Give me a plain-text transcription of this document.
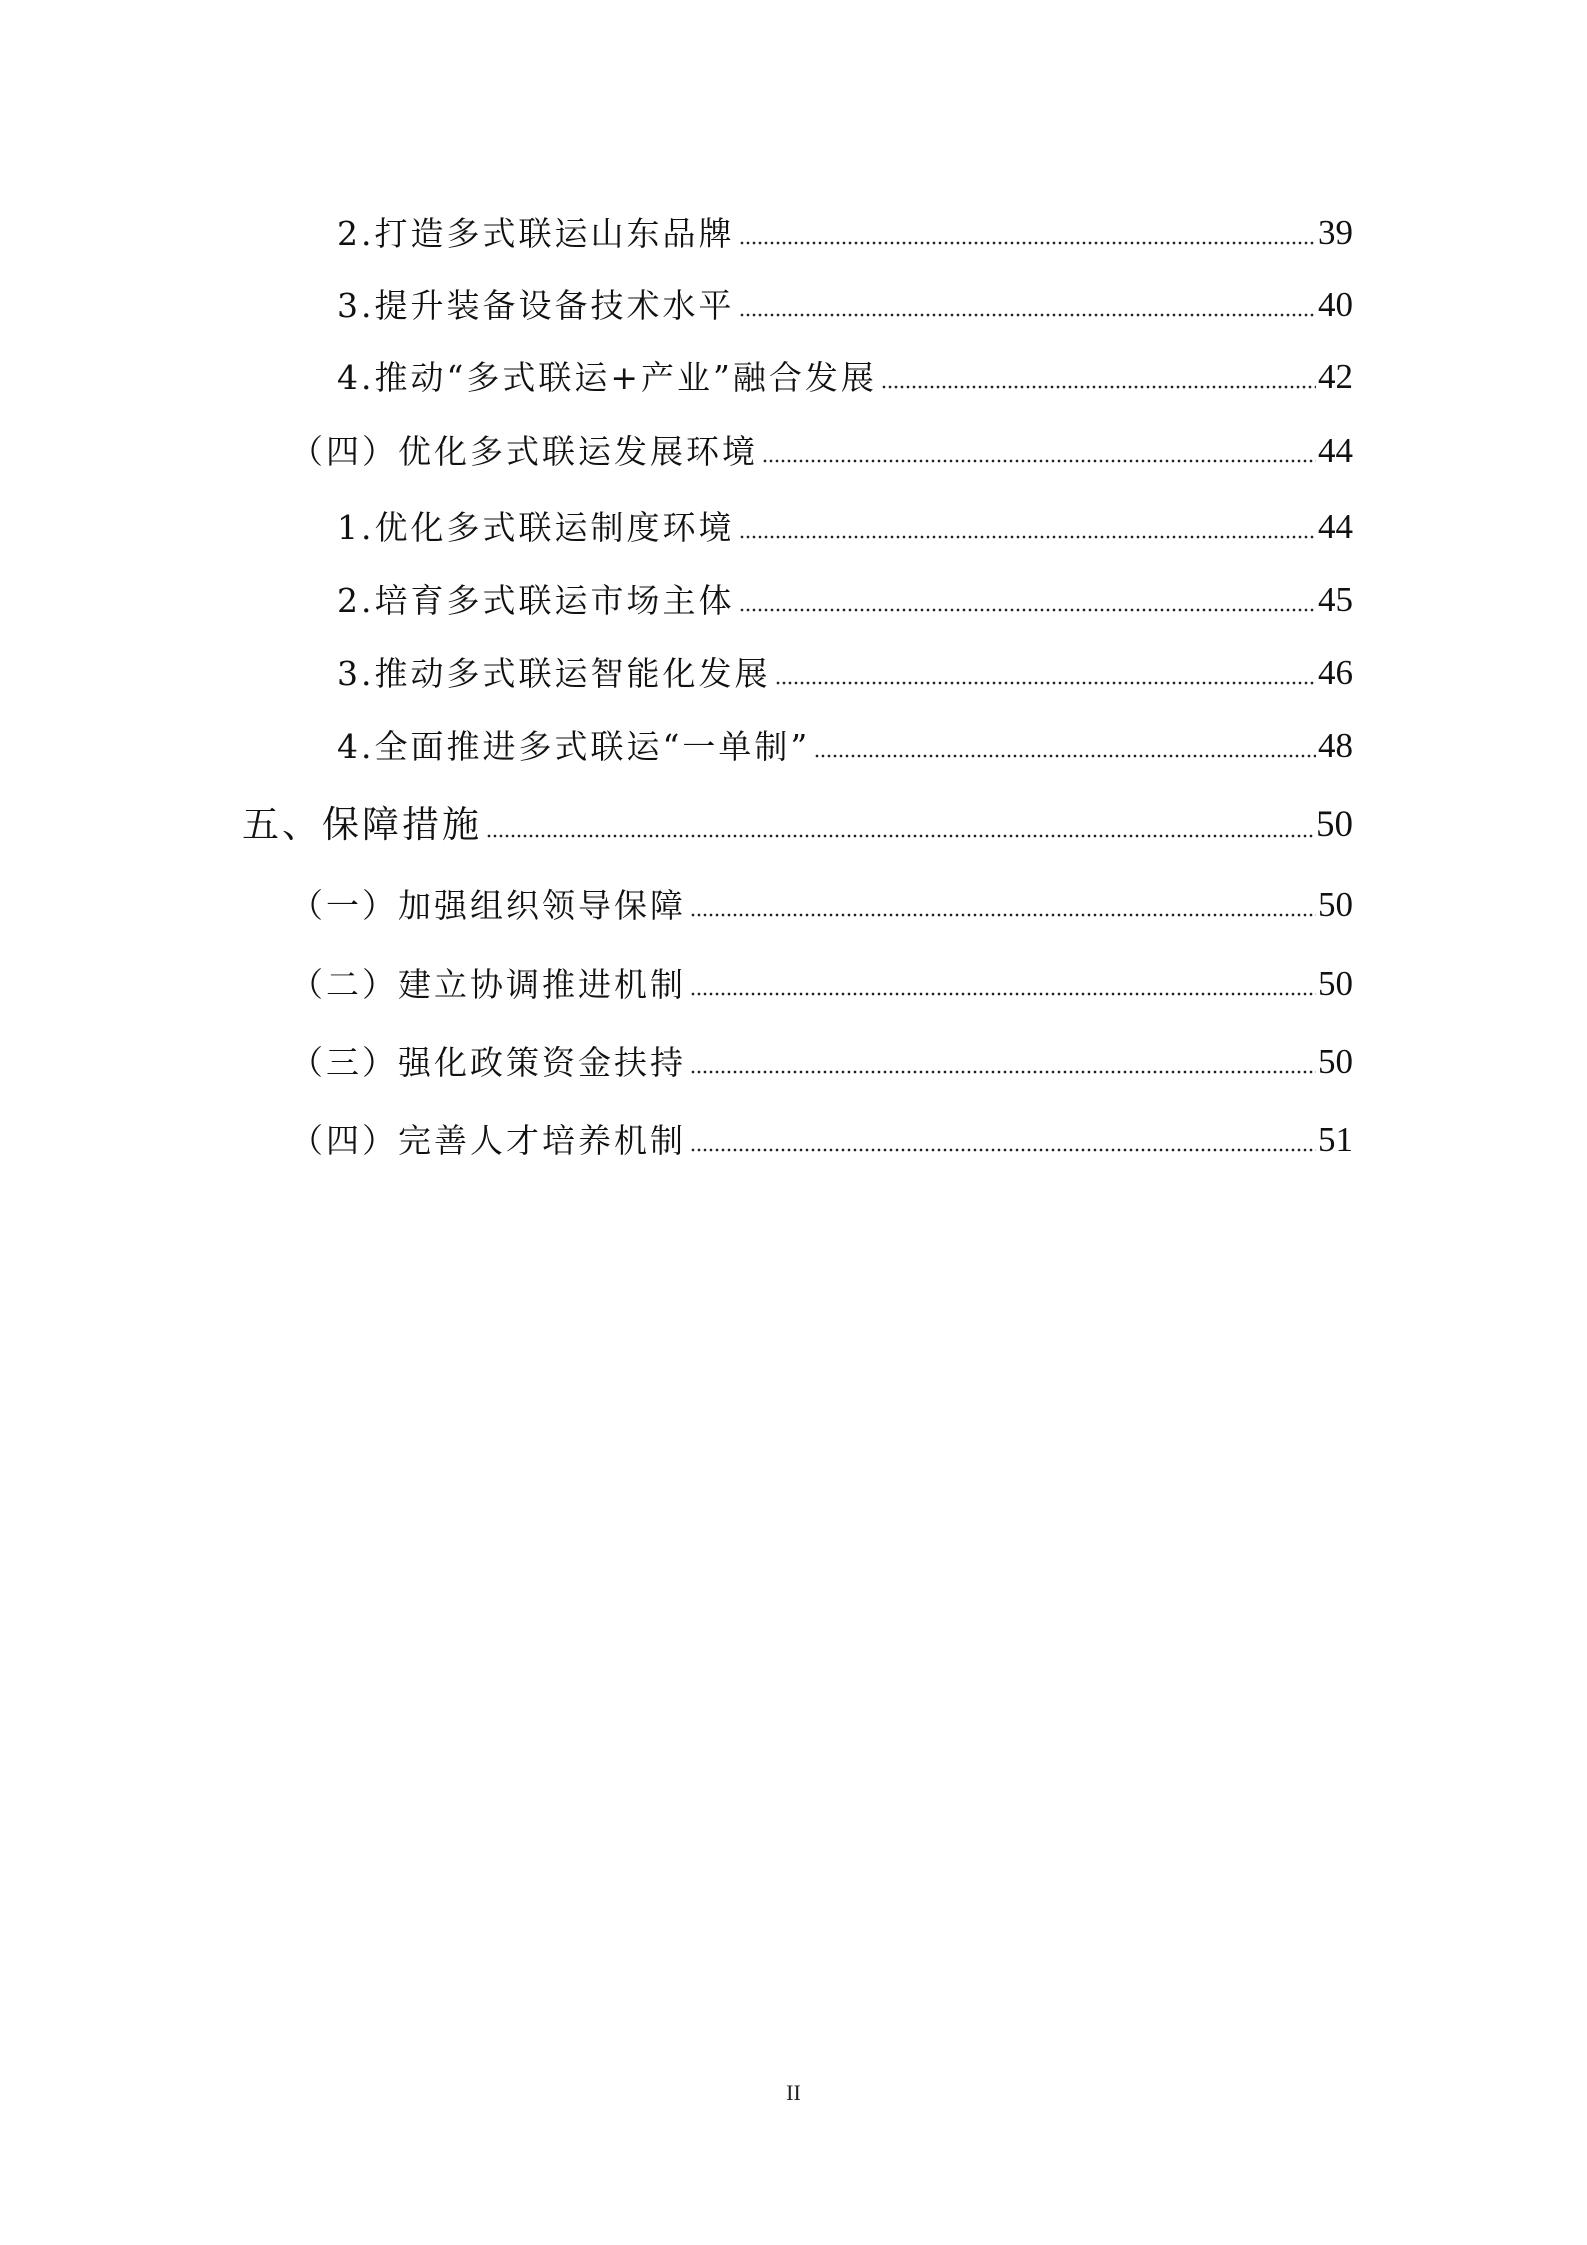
2.打造多式联运山东品牌	39
3.提升装备设备技术水平	40
4.推动“多式联运+产业”融合发展	42
（四）优化多式联运发展环境	44
1.优化多式联运制度环境	44
2.培育多式联运市场主体	45
3.推动多式联运智能化发展	46
4.全面推进多式联运“一单制”	48
五、保障措施	50
（一）加强组织领导保障	50
（二）建立协调推进机制	50
（三）强化政策资金扶持	50
（四）完善人才培养机制	51
II
